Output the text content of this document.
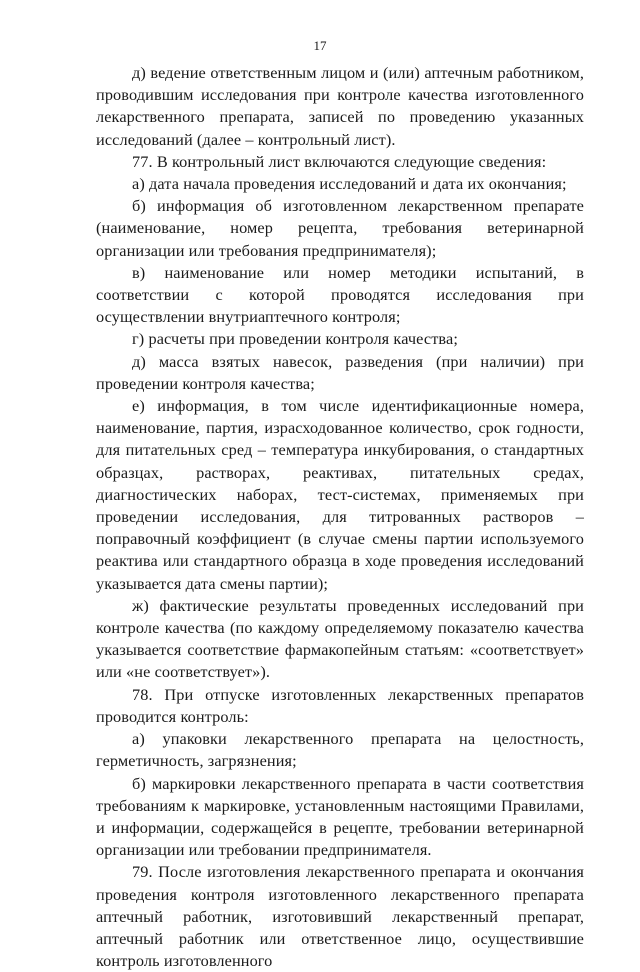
17

д) ведение ответственным лицом и (или) аптечным работником, проводившим исследования при контроле качества изготовленного лекарственного препарата, записей по проведению указанных исследований (далее – контрольный лист).

77. В контрольный лист включаются следующие сведения:

а) дата начала проведения исследований и дата их окончания;

б) информация об изготовленном лекарственном препарате (наименование, номер рецепта, требования ветеринарной организации или требования предпринимателя);

в) наименование или номер методики испытаний, в соответствии с которой проводятся исследования при осуществлении внутриаптечного контроля;

г) расчеты при проведении контроля качества;

д) масса взятых навесок, разведения (при наличии) при проведении контроля качества;

е) информация, в том числе идентификационные номера, наименование, партия, израсходованное количество, срок годности, для питательных сред – температура инкубирования, о стандартных образцах, растворах, реактивах, питательных средах, диагностических наборах, тест-системах, применяемых при проведении исследования, для титрованных растворов – поправочный коэффициент (в случае смены партии используемого реактива или стандартного образца в ходе проведения исследований указывается дата смены партии);

ж) фактические результаты проведенных исследований при контроле качества (по каждому определяемому показателю качества указывается соответствие фармакопейным статьям: «соответствует» или «не соответствует»).

78. При отпуске изготовленных лекарственных препаратов проводится контроль:

а) упаковки лекарственного препарата на целостность, герметичность, загрязнения;

б) маркировки лекарственного препарата в части соответствия требованиям к маркировке, установленным настоящими Правилами, и информации, содержащейся в рецепте, требовании ветеринарной организации или требовании предпринимателя.

79. После изготовления лекарственного препарата и окончания проведения контроля изготовленного лекарственного препарата аптечный работник, изготовивший лекарственный препарат, аптечный работник или ответственное лицо, осуществившие контроль изготовленного
